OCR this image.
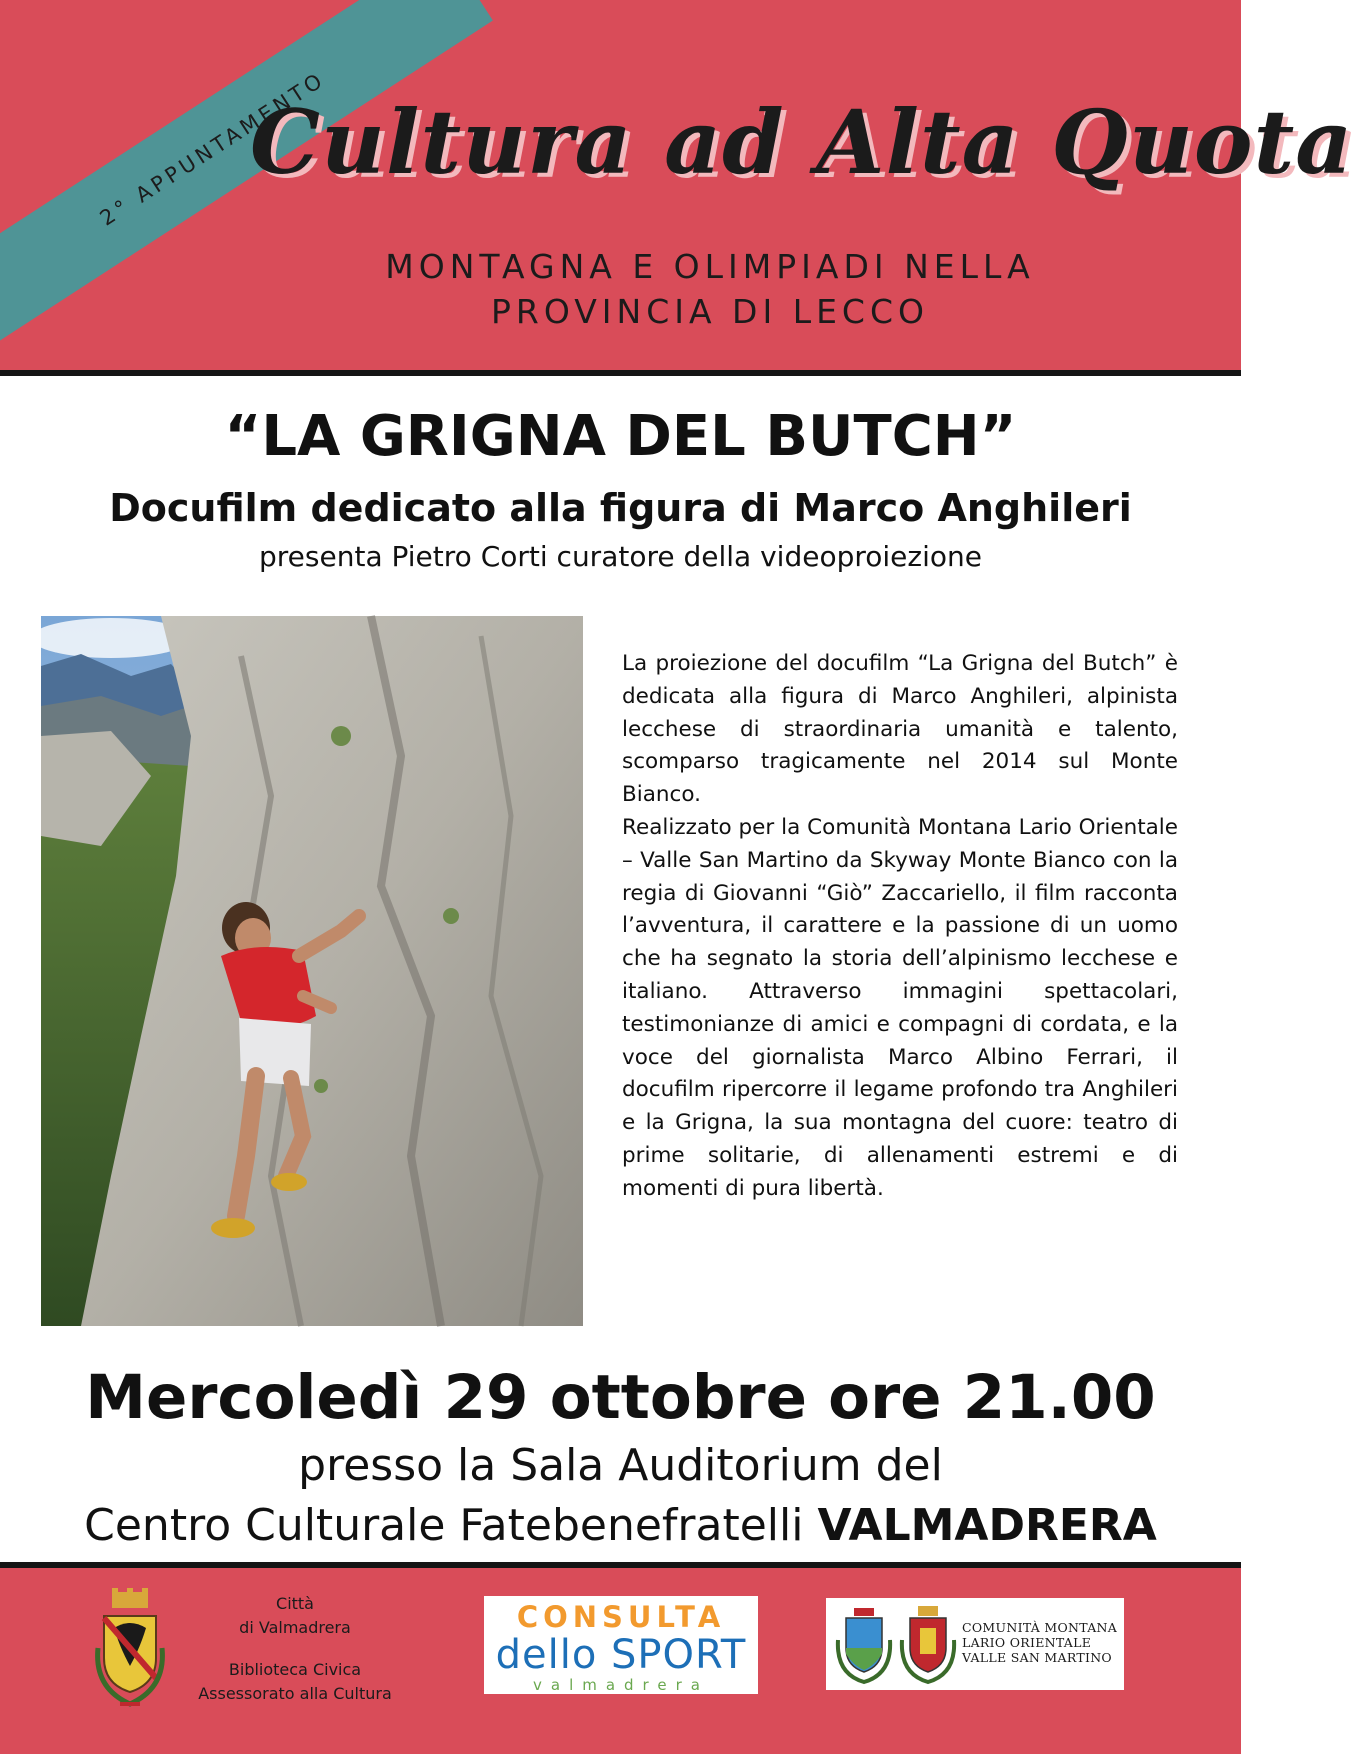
2° APPUNTAMENTO
Cultura ad Alta Quota
MONTAGNA E OLIMPIADI NELLA
PROVINCIA DI LECCO
“LA GRIGNA DEL BUTCH”
Docufilm dedicato alla figura di Marco Anghileri
presenta Pietro Corti curatore della videoproiezione

La proiezione del docufilm “La Grigna del Butch” è dedicata alla figura di Marco Anghileri, alpinista lecchese di straordinaria umanità e talento, scomparso tragicamente nel 2014 sul Monte Bianco.

Realizzato per la Comunità Montana Lario Orientale – Valle San Martino da Skyway Monte Bianco con la regia di Giovanni “Giò” Zaccariello, il film racconta l’avventura, il carattere e la passione di un uomo che ha segnato la storia dell’alpinismo lecchese e italiano. Attraverso immagini spettacolari, testimonianze di amici e compagni di cordata, e la voce del giornalista Marco Albino Ferrari, il docufilm ripercorre il legame profondo tra Anghileri e la Grigna, la sua montagna del cuore: teatro di prime solitarie, di allenamenti estremi e di momenti di pura libertà.

Mercoledì 29 ottobre ore 21.00
presso la Sala Auditorium del
Centro Culturale Fatebenefratelli VALMADRERA
Città
di Valmadrera
Biblioteca Civica
Assessorato alla Cultura
CONSULTA
dello SPORT
valmadrera
COMUNITÀ MONTANA
LARIO ORIENTALE
VALLE SAN MARTINO
